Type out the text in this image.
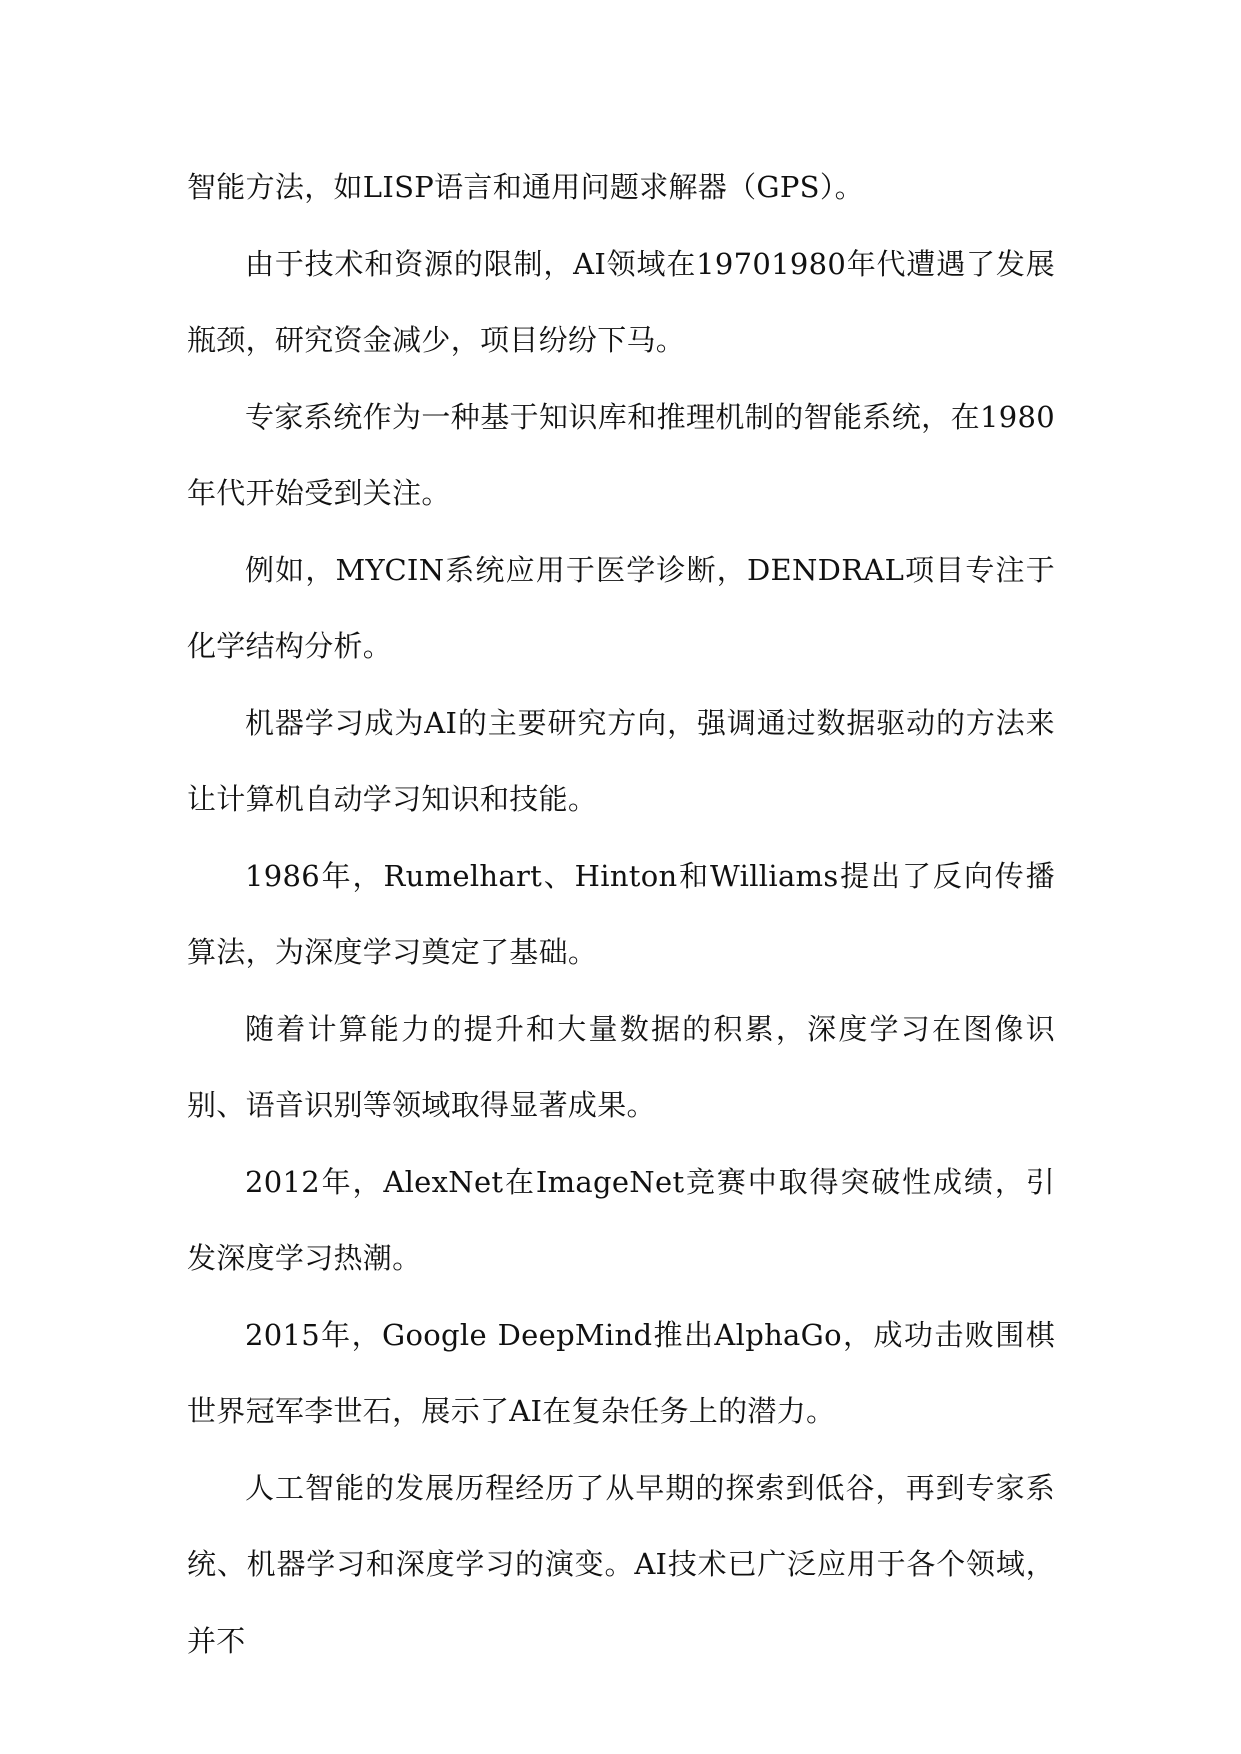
智能方法，如LISP语言和通用问题求解器（GPS）。

由于技术和资源的限制，AI领域在19701980年代遭遇了发展瓶颈，研究资金减少，项目纷纷下马。

专家系统作为一种基于知识库和推理机制的智能系统，在1980年代开始受到关注。

例如，MYCIN系统应用于医学诊断，DENDRAL项目专注于化学结构分析。

机器学习成为AI的主要研究方向，强调通过数据驱动的方法来让计算机自动学习知识和技能。

1986年，Rumelhart、Hinton和Williams提出了反向传播算法，为深度学习奠定了基础。

随着计算能力的提升和大量数据的积累，深度学习在图像识别、语音识别等领域取得显著成果。

2012年，AlexNet在ImageNet竞赛中取得突破性成绩，引发深度学习热潮。

2015年，Google DeepMind推出AlphaGo，成功击败围棋世界冠军李世石，展示了AI在复杂任务上的潜力。

人工智能的发展历程经历了从早期的探索到低谷，再到专家系统、机器学习和深度学习的演变。AI技术已广泛应用于各个领域，并不
